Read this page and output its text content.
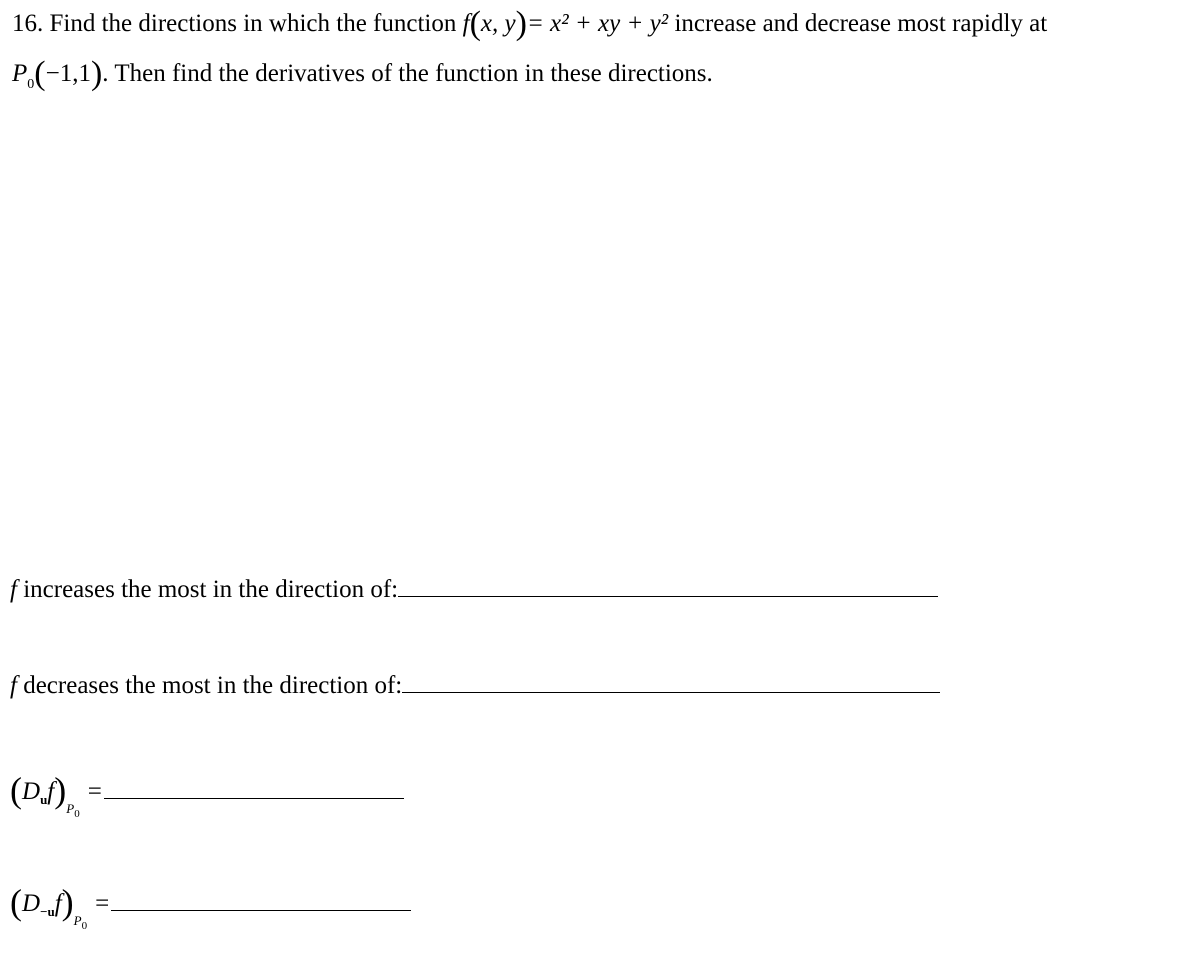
16. Find the directions in which the function f(x, y)= x² + xy + y² increase and decrease most rapidly at
$P_0(-1,1)$. Then find the derivatives of the function in these directions.
f increases the most in the direction of:
f decreases the most in the direction of:
$(D_uf)_{P_0}=$
$(D_{-u}f)_{P_0}=$
